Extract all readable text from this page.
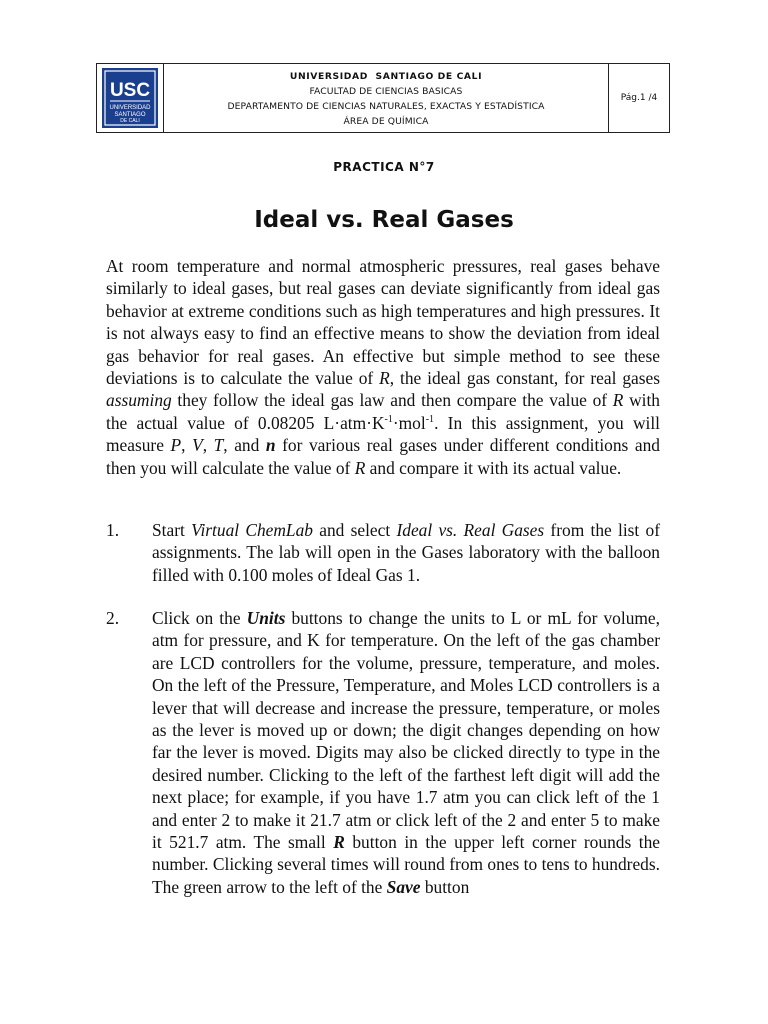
USC
UNIVERSIDAD
SANTIAGO
DE CALI
UNIVERSIDAD  SANTIAGO DE CALI
FACULTAD DE CIENCIAS BASICAS
DEPARTAMENTO DE CIENCIAS NATURALES, EXACTAS Y ESTADÍSTICA
ÁREA DE QUÍMICA
Pág.1 /4
PRACTICA N°7
Ideal vs. Real Gases
At room temperature and normal atmospheric pressures, real gases behave similarly to ideal gases, but real gases can deviate significantly from ideal gas behavior at extreme conditions such as high temperatures and high pressures. It is not always easy to find an effective means to show the deviation from ideal gas behavior for real gases. An effective but simple method to see these deviations is to calculate the value of R, the ideal gas constant, for real gases assuming they follow the ideal gas law and then compare the value of R with the actual value of 0.08205 $L\cdot atm\cdot K^{-1}\cdot mol^{-1}$. In this assignment, you will measure P, V, T, and n for various real gases under different conditions and then you will calculate the value of R and compare it with its actual value.
1. Start Virtual ChemLab and select Ideal vs. Real Gases from the list of assignments. The lab will open in the Gases laboratory with the balloon filled with 0.100 moles of Ideal Gas 1.
2. Click on the Units buttons to change the units to L or mL for volume, atm for pressure, and K for temperature. On the left of the gas chamber are LCD controllers for the volume, pressure, temperature, and moles. On the left of the Pressure, Temperature, and Moles LCD controllers is a lever that will decrease and increase the pressure, temperature, or moles as the lever is moved up or down; the digit changes depending on how far the lever is moved. Digits may also be clicked directly to type in the desired number. Clicking to the left of the farthest left digit will add the next place; for example, if you have 1.7 atm you can click left of the 1 and enter 2 to make it 21.7 atm or click left of the 2 and enter 5 to make it 521.7 atm. The small R button in the upper left corner rounds the number. Clicking several times will round from ones to tens to hundreds. The green arrow to the left of the Save button
